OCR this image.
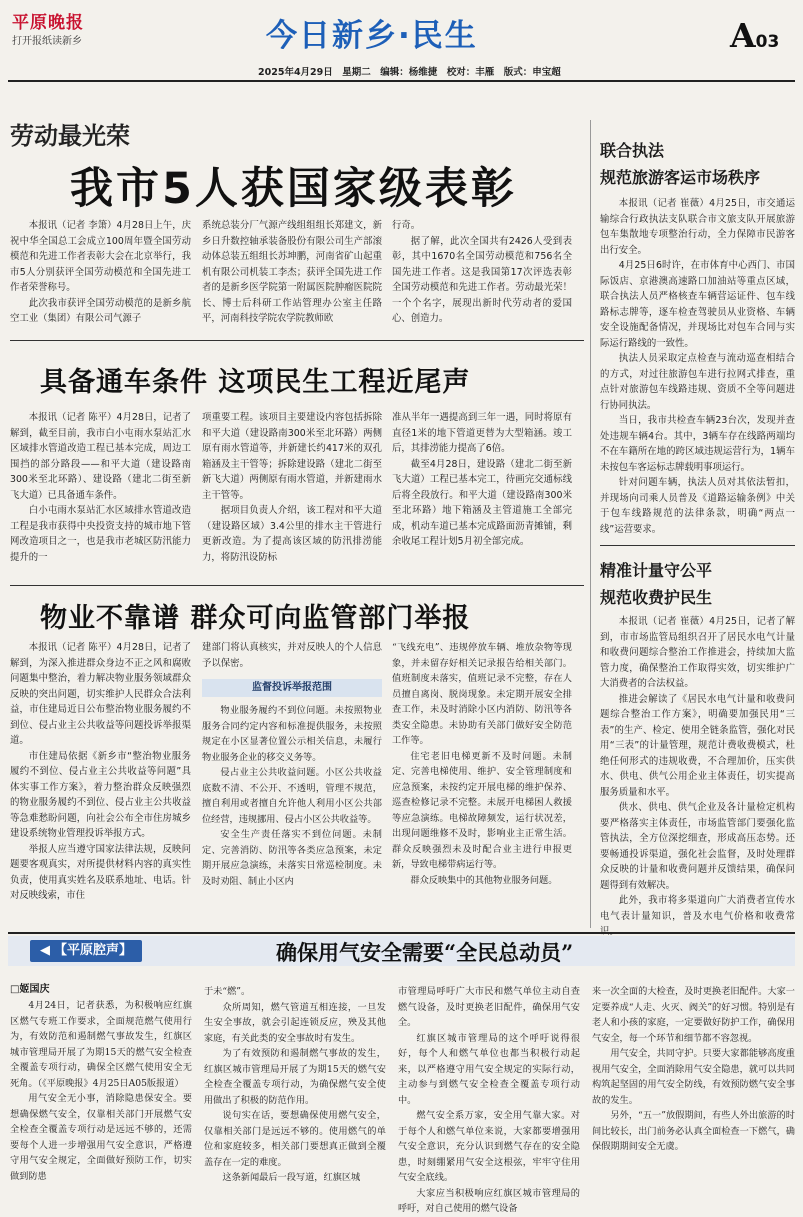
平原晚报
打开报纸读新乡	今日新乡·民生	A03
2025年4月29日　星期二　编辑：杨维捷　校对：丰雁　版式：申宝超
劳动最光荣
我市5人获国家级表彰

本报讯（记者 李箫）4月28日上午，庆祝中华全国总工会成立100周年暨全国劳动模范和先进工作者表彰大会在北京举行，我市5人分别获评全国劳动模范和全国先进工作者荣誉称号。

此次我市获评全国劳动模范的是新乡航空工业（集团）有限公司气源子

系统总装分厂气源产线组组组长郑建文，新乡日升数控轴承装备股份有限公司生产部滚动体总装五组组长苏坤鹏，河南省矿山起重机有限公司机装工李杰；获评全国先进工作者的是新乡医学院第一附属医院肿瘤医院院长、博士后科研工作站管理办公室主任路平，河南科技学院农学院教师欧

行奇。

据了解，此次全国共有2426人受到表彰，其中1670名全国劳动模范和756名全国先进工作者。这是我国第17次评选表彰全国劳动模范和先进工作者。劳动最光荣！一个个名字，展现出新时代劳动者的爱国心、创造力。

具备通车条件 这项民生工程近尾声

本报讯（记者 陈平）4月28日，记者了解到，截至目前，我市白小屯雨水泵站汇水区域排水管道改造工程已基本完成，周边工围挡的部分路段——和平大道（建设路南300米至北环路）、建设路（建北二街至新飞大道）已具备通车条件。

白小屯雨水泵站汇水区域排水管道改造工程是我市获得中央投资支持的城市地下管网改造项目之一，也是我市老城区防汛能力提升的一

项重要工程。该项目主要建设内容包括拆除和平大道（建设路南300米至北环路）两侧原有雨水管道等，并新建长约417米的双孔箱涵及主干管等；拆除建设路（建北二街至新飞大道）两侧原有雨水管道，并新建雨水主干管等。

据项目负责人介绍，该工程对和平大道（建设路区域）3.4公里的排水主干管进行更新改造。为了提高该区域的防汛排涝能力，将防汛设防标

准从半年一遇提高到三年一遇，同时将原有直径1米的地下管道更替为大型箱涵。竣工后，其排涝能力提高了6倍。

截至4月28日，建设路（建北二街至新飞大道）工程已基本完工，待画完交通标线后将全段放行。和平大道（建设路南300米至北环路）地下箱涵及主管道施工全部完成，机动车道已基本完成路面沥青摊铺，剩余收尾工程计划5月初全部完成。

物业不靠谱 群众可向监管部门举报

本报讯（记者 陈平）4月28日，记者了解到，为深入推进群众身边不正之风和腐败问题集中整治，着力解决物业服务领域群众反映的突出问题，切实维护人民群众合法利益，市住建局近日公布整治物业服务履约不到位、侵占业主公共收益等问题投诉举报渠道。

市住建局依据《新乡市“整治物业服务履约不到位、侵占业主公共收益等问题”具体实事工作方案》，着力整治群众反映强烈的物业服务履约不到位、侵占业主公共收益等急难愁盼问题，向社会公布全市住房城乡建设系统物业管理投诉举报方式。

举报人应当遵守国家法律法规，反映问题要客观真实，对所提供材料内容的真实性负责，使用真实姓名及联系地址、电话。针对反映线索，市住

建部门将认真核实，并对反映人的个人信息予以保密。

监督投诉举报范围

物业服务履约不到位问题。未按照物业服务合同约定内容和标准提供服务，未按照规定在小区显著位置公示相关信息，未履行物业服务企业的移交义务等。

侵占业主公共收益问题。小区公共收益底数不清、不公开、不透明，管理不规范，擅自利用或者擅自允许他人利用小区公共部位经营，违规挪用、侵占小区公共收益等。

安全生产责任落实不到位问题。未制定、完善消防、防汛等各类应急预案，未定期开展应急演练，未落实日常巡检制度。未及时劝阻、制止小区内

“飞线充电”、违规停放车辆、堆放杂物等现象，并未留存好相关记录报告给相关部门。值班制度未落实，值班记录不完整，存在人员擅自离岗、脱岗现象。未定期开展安全排查工作，未及时消除小区内消防、防汛等各类安全隐患。未协助有关部门做好安全防范工作等。

住宅老旧电梯更新不及时问题。未制定、完善电梯使用、维护、安全管理制度和应急预案，未按约定开展电梯的维护保养、巡查检修记录不完整。未展开电梯困人救援等应急演练。电梯故障频发，运行状况差，出现问题维修不及时，影响业主正常生活。群众反映强烈未及时配合业主进行申报更新，导致电梯带病运行等。

群众反映集中的其他物业服务问题。

联合执法
规范旅游客运市场秩序

本报讯（记者 崔薇）4月25日，市交通运输综合行政执法支队联合市文旅支队开展旅游包车集散地专项整治行动，全力保障市民游客出行安全。

4月25日6时许，在市体育中心西门、市国际饭店、京港澳高速路口加油站等重点区域，联合执法人员严格核查车辆营运证件、包车线路标志牌等，逐车检查驾驶员从业资格、车辆安全设施配备情况，并现场比对包车合同与实际运行路线的一致性。

执法人员采取定点检查与流动巡查相结合的方式，对过往旅游包车进行拉网式排查，重点针对旅游包车线路违规、资质不全等问题进行协同执法。

当日，我市共检查车辆23台次，发现并查处违规车辆4台。其中，3辆车存在线路两端均不在车籍所在地的跨区域违规运营行为，1辆车未按包车客运标志牌载明事项运行。

针对问题车辆，执法人员对其依法暂扣，并现场向司乘人员普及《道路运输条例》中关于包车线路规范的法律条款，明确“两点一线”运营要求。

精准计量守公平
规范收费护民生

本报讯（记者 崔薇）4月25日，记者了解到，市市场监管局组织召开了居民水电气计量和收费问题综合整治工作推进会，持续加大监管力度，确保整治工作取得实效，切实维护广大消费者的合法权益。

推进会解读了《居民水电气计量和收费问题综合整治工作方案》，明确要加强民用“三表”的生产、检定、使用全链条监管，强化对民用“三表”的计量管理，规范计费收费模式，杜绝任何形式的违规收费，不合理加价，压实供水、供电、供气公用企业主体责任，切实提高服务质量和水平。

供水、供电、供气企业及各计量检定机构要严格落实主体责任，市场监管部门要强化监管执法，全方位深挖细查，形成高压态势。还要畅通投诉渠道，强化社会监督，及时处理群众反映的计量和收费问题并反馈结果，确保问题得到有效解决。

此外，我市将多渠道向广大消费者宣传水电气表计量知识，普及水电气价格和收费常

◀ 【平原腔声】	确保用气安全需要“全民总动员”
□姬国庆

4月24日，记者获悉，为积极响应红旗区燃气专班工作要求，全面规范燃气使用行为，有效防范和遏制燃气事故发生，红旗区城市管理局开展了为期15天的燃气安全检查全覆盖专项行动，确保全区燃气使用安全无死角。（《平原晚报》4月25日A05版报道）

用气安全无小事，消除隐患保安全。要想确保燃气安全，仅靠相关部门开展燃气安全检查全覆盖专项行动是远远不够的，还需要每个人进一步增强用气安全意识，严格遵守用气安全规定，全面做好预防工作，切实做到防患

于未“燃”。

众所周知，燃气管道互相连接，一旦发生安全事故，就会引起连锁反应，殃及其他家庭，有关此类的安全事故时有发生。

为了有效预防和遏制燃气事故的发生，红旗区城市管理局开展了为期15天的燃气安全检查全覆盖专项行动，为确保燃气安全使用做出了积极的防范作用。

说句实在话，要想确保使用燃气安全，仅靠相关部门是远远不够的。使用燃气的单位和家庭较多，相关部门要想真正做到全覆盖存在一定的难度。

这条新闻最后一段写道，红旗区城

市管理局呼吁广大市民和燃气单位主动自查燃气设备，及时更换老旧配件，确保用气安全。

红旗区城市管理局的这个呼吁说得很好，每个人和燃气单位也都当积极行动起来，以严格遵守用气安全规定的实际行动，主动参与到燃气安全检查全覆盖专项行动中。

燃气安全系万家，安全用气靠大家。对于每个人和燃气单位来说，大家都要增强用气安全意识，充分认识到燃气存在的安全隐患，时刻绷紧用气安全这根弦，牢牢守住用气安全底线。

大家应当积极响应红旗区城市管理局的呼吁，对自己使用的燃气设备

来一次全面的大检查，及时更换老旧配件。大家一定要养成“人走、火灭、阀关”的好习惯。特别是有老人和小孩的家庭，一定要做好防护工作，确保用气安全，每一个环节和细节都不容忽视。

用气安全，共同守护。只要大家都能够高度重视用气安全，全面消除用气安全隐患，就可以共同构筑起坚固的用气安全防线，有效预防燃气安全事故的发生。

另外，“五一”放假期间，有些人外出旅游的时间比较长，出门前务必认真全面检查一下燃气，确保假期期间安全无虞。
